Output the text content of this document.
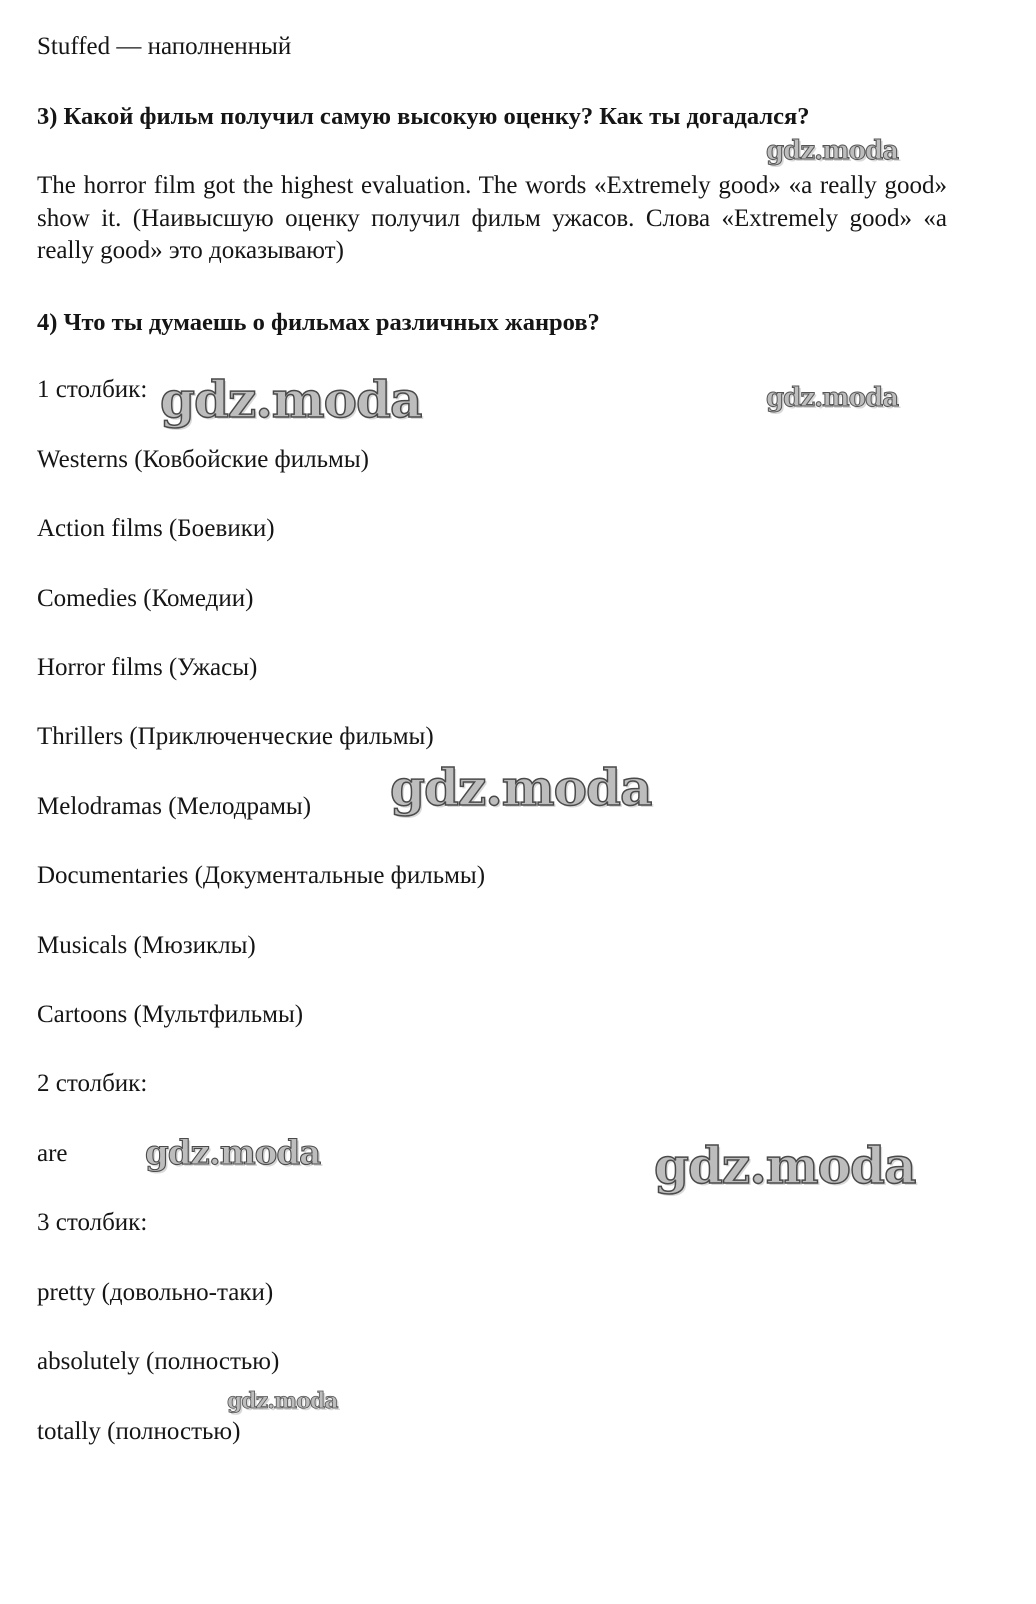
Stuffed — наполненный

3) Какой фильм получил самую высокую оценку? Как ты догадался?

The horror film got the highest evaluation. The words «Extremely good» «a really good» show it. (Наивысшую оценку получил фильм ужасов. Слова «Extremely good» «a really good» это доказывают)

4) Что ты думаешь о фильмах различных жанров?

1 столбик:

Westerns (Ковбойские фильмы)

Action films (Боевики)

Comedies (Комедии)

Horror films (Ужасы)

Thrillers (Приключенческие фильмы)

Melodramas (Мелодрамы)

Documentaries (Документальные фильмы)

Musicals (Мюзиклы)

Cartoons (Мультфильмы)

2 столбик:

are

3 столбик:

pretty (довольно-таки)

absolutely (полностью)

totally (полностью)

gdz.moda
gdz.moda	gdz.moda
gdz.moda
gdz.moda	gdz.moda
gdz.moda
